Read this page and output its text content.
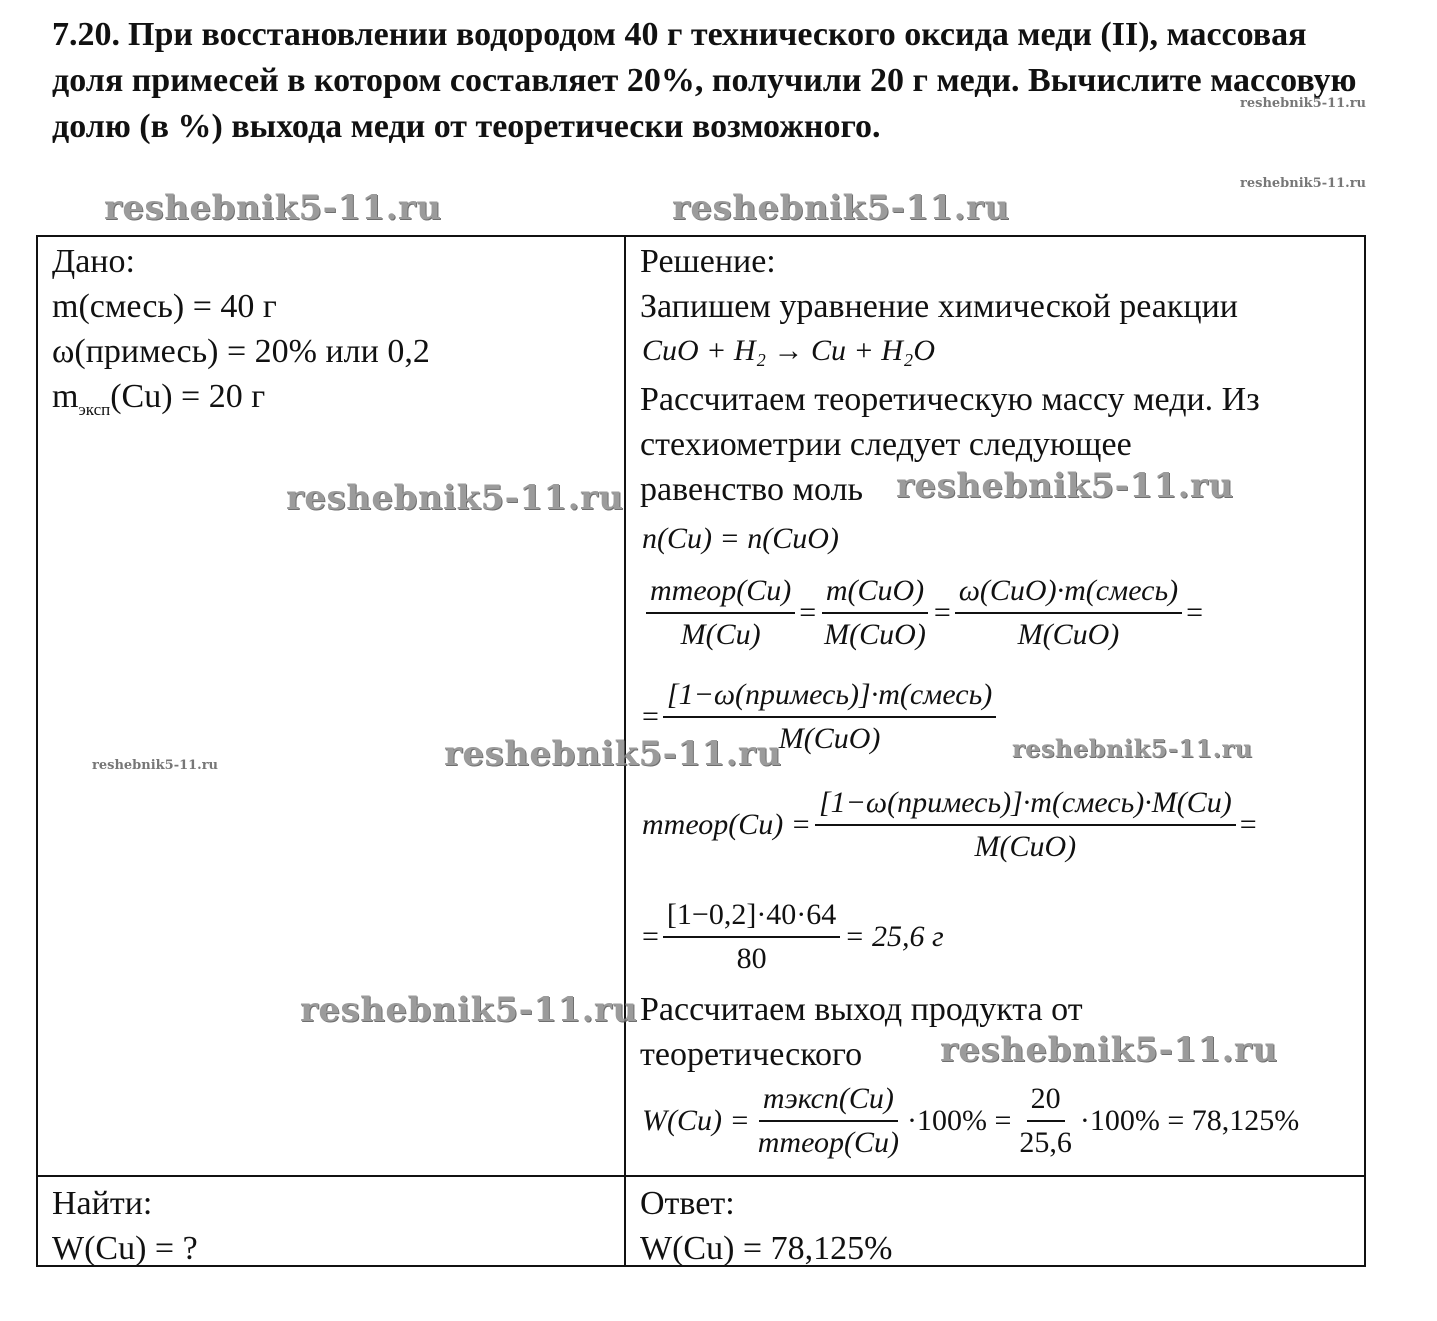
7.20. При восстановлении водородом 40 г технического оксида меди (II), массовая доля примесей в котором составляет 20%, получили 20 г меди. Вычислите массовую долю (в %) выхода меди от теоретически возможного.

Дано:
m(смесь) = 40 г
ω(примесь) = 20% или 0,2
$m_{эксп}(Cu) = 20$ г
Решение:
Запишем уравнение химической реакции
CuO + H₂ → Cu + H₂O
Рассчитаем теоретическую массу меди. Из
стехиометрии следует следующее
равенство моль
n(Cu) = n(CuO)
$\frac{\text{mтеор(Cu)}}{M(Cu)} = \frac{\text{m(CuO)}}{\text{M(CuO)}} = \frac{\text{ω(CuO)·m(смесь)}}{\text{M(CuO)}}$ =
= $\frac{\text{[1−ω(примесь)]·m(смесь)}}{\text{M(CuO)}}$
mтеор(Cu) = $\frac{\text{[1−ω(примесь)]·m(смесь)·M(Cu)}}{\text{M(CuO)}}$ =
= $\frac{[1-0,2]\cdot 40\cdot 64}{80} = 25,6$ г
Рассчитаем выход продукта от
теоретического
$W(Cu) = \frac{\text{mэксп(Cu)}}{\text{mтеор(Cu)}} \cdot 100\% = \frac{20}{25,6} \cdot 100\% = 78,125\%$
Найти:
W(Cu) = ?
Ответ:
W(Cu) = 78,125%
reshebnik5-11.ru	reshebnik5-11.ru
reshebnik5-11.ru	reshebnik5-11.ru
reshebnik5-11.ru	reshebnik5-11.ru
reshebnik5-11.ru
reshebnik5-11.ru
reshebnik5-11.ru
reshebnik5-11.ru
reshebnik5-11.ru
